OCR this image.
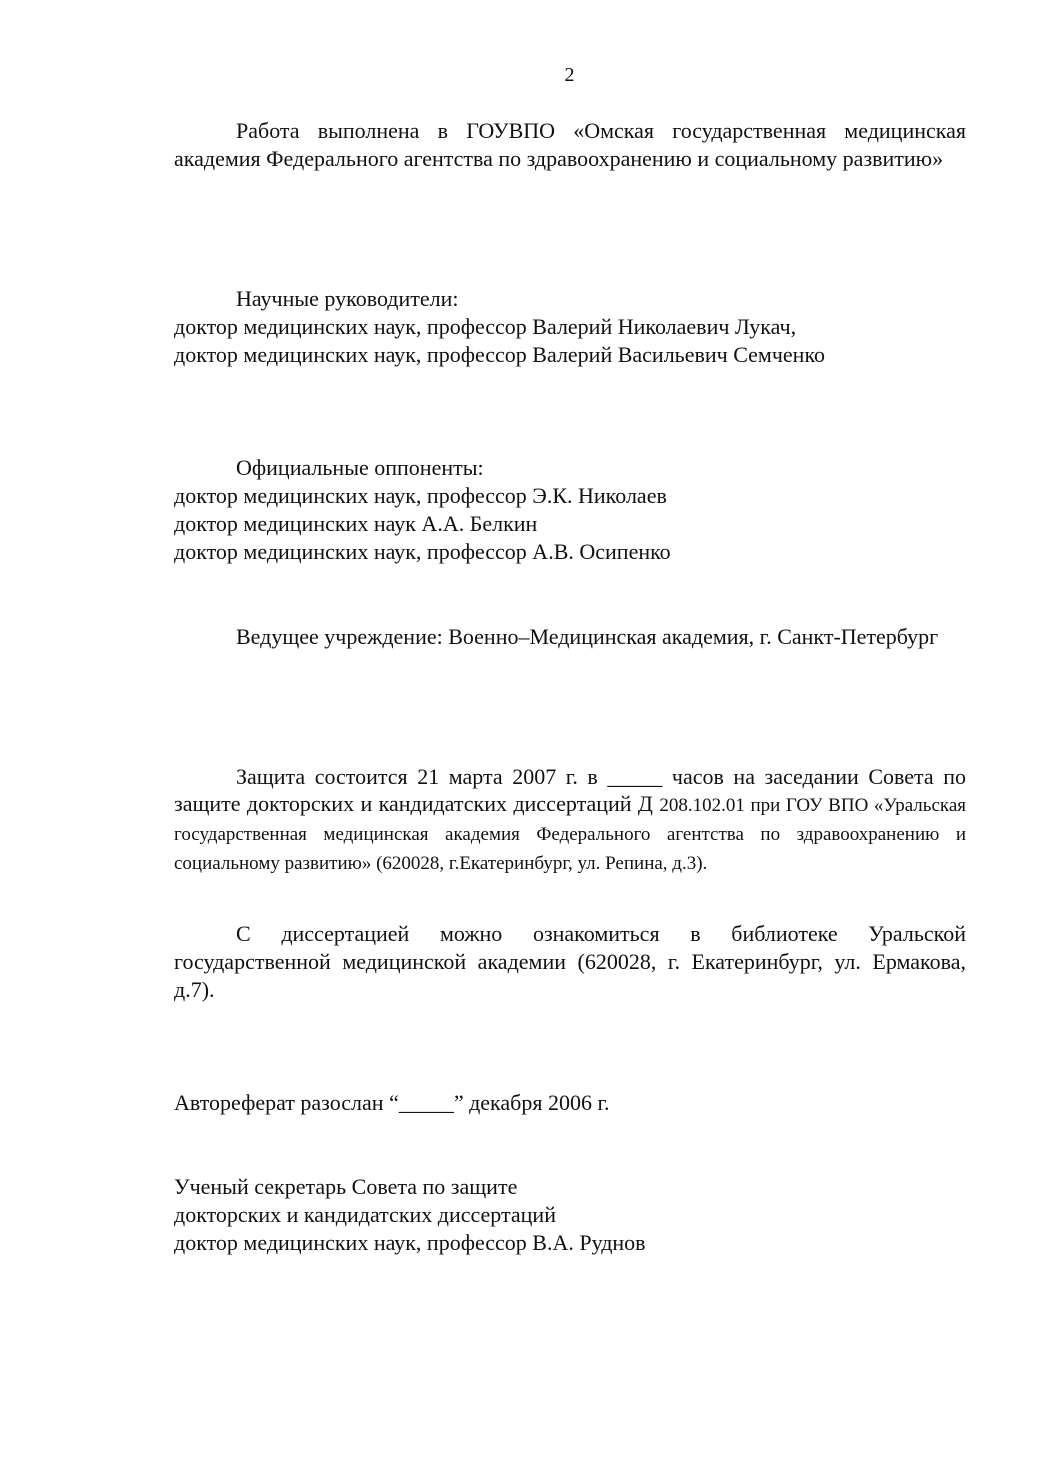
2
Работа выполнена в ГОУВПО «Омская государственная медицинская академия Федерального агентства по здравоохранению и социальному развитию»
Научные руководители:
доктор медицинских наук, профессор Валерий Николаевич Лукач,
доктор медицинских наук, профессор Валерий Васильевич Семченко
Официальные оппоненты:
доктор медицинских наук, профессор Э.К. Николаев
доктор медицинских наук А.А. Белкин
доктор медицинских наук, профессор А.В. Осипенко
Ведущее учреждение: Военно–Медицинская академия, г. Санкт-Петербург
Защита состоится 21 марта 2007 г. в _____ часов на заседании Совета по защите докторских и кандидатских диссертаций Д 208.102.01 при ГОУ ВПО «Уральская государственная медицинская академия Федерального агентства по здравоохранению и социальному развитию» (620028, г.Екатеринбург, ул. Репина, д.3).
С диссертацией можно ознакомиться в библиотеке Уральской государственной медицинской академии (620028, г. Екатеринбург, ул. Ермакова, д.7).
Автореферат разослан “_____” декабря 2006 г.
Ученый секретарь Совета по защите
докторских и кандидатских диссертаций
доктор медицинских наук, профессор В.А. Руднов
